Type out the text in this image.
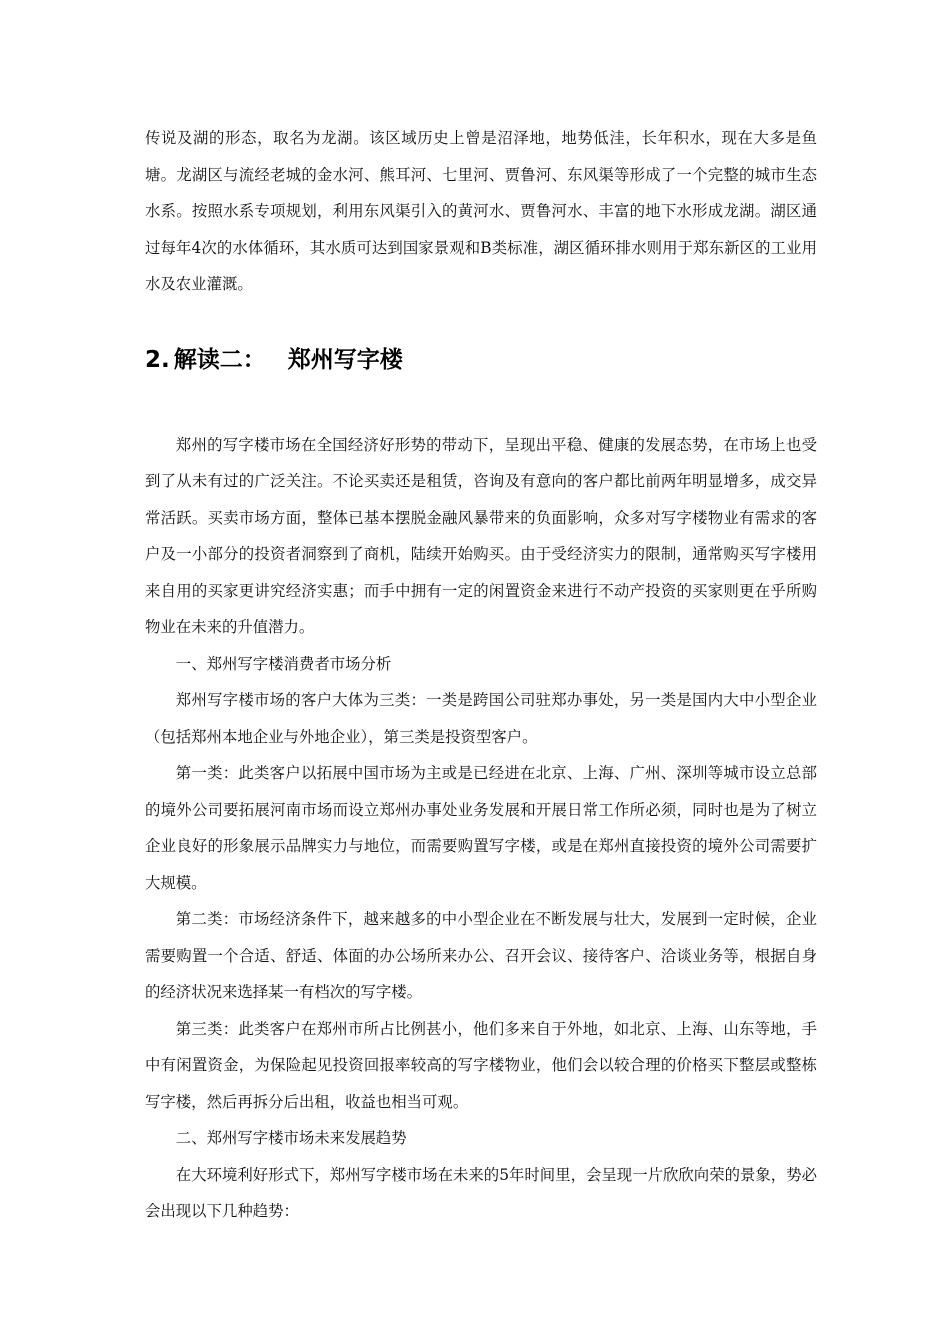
传说及湖的形态，取名为龙湖。该区域历史上曾是沼泽地，地势低洼，长年积水，现在大多是鱼塘。龙湖区与流经老城的金水河、熊耳河、七里河、贾鲁河、东风渠等形成了一个完整的城市生态水系。按照水系专项规划，利用东风渠引入的黄河水、贾鲁河水、丰富的地下水形成龙湖。湖区通过每年4次的水体循环，其水质可达到国家景观和B类标准，湖区循环排水则用于郑东新区的工业用水及农业灌溉。

2. 解读二： 郑州写字楼

郑州的写字楼市场在全国经济好形势的带动下，呈现出平稳、健康的发展态势，在市场上也受到了从未有过的广泛关注。不论买卖还是租赁，咨询及有意向的客户都比前两年明显增多，成交异常活跃。买卖市场方面，整体已基本摆脱金融风暴带来的负面影响，众多对写字楼物业有需求的客户及一小部分的投资者洞察到了商机，陆续开始购买。由于受经济实力的限制，通常购买写字楼用来自用的买家更讲究经济实惠；而手中拥有一定的闲置资金来进行不动产投资的买家则更在乎所购物业在未来的升值潜力。

一、郑州写字楼消费者市场分析

郑州写字楼市场的客户大体为三类：一类是跨国公司驻郑办事处，另一类是国内大中小型企业（包括郑州本地企业与外地企业），第三类是投资型客户。

第一类：此类客户以拓展中国市场为主或是已经进在北京、上海、广州、深圳等城市设立总部的境外公司要拓展河南市场而设立郑州办事处业务发展和开展日常工作所必须，同时也是为了树立企业良好的形象展示品牌实力与地位，而需要购置写字楼，或是在郑州直接投资的境外公司需要扩大规模。

第二类：市场经济条件下，越来越多的中小型企业在不断发展与壮大，发展到一定时候，企业需要购置一个合适、舒适、体面的办公场所来办公、召开会议、接待客户、洽谈业务等，根据自身的经济状况来选择某一有档次的写字楼。

第三类：此类客户在郑州市所占比例甚小，他们多来自于外地，如北京、上海、山东等地，手中有闲置资金，为保险起见投资回报率较高的写字楼物业，他们会以较合理的价格买下整层或整栋写字楼，然后再拆分后出租，收益也相当可观。

二、郑州写字楼市场未来发展趋势

在大环境利好形式下，郑州写字楼市场在未来的5年时间里，会呈现一片欣欣向荣的景象，势必会出现以下几种趋势：
